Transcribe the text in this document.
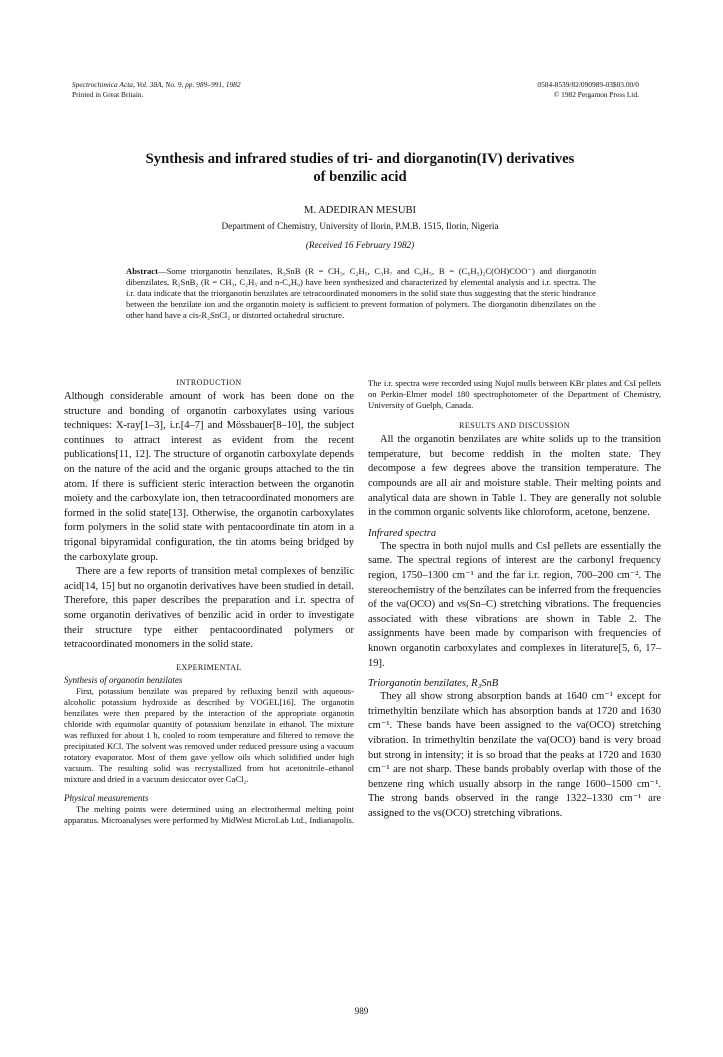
Spectrochimica Acta, Vol. 38A, No. 9, pp. 989–991, 1982
Printed in Great Britain.
0584-8539/82/090989-03$03.00/0
© 1982 Pergamon Press Ltd.
Synthesis and infrared studies of tri- and diorganotin(IV) derivatives
of benzilic acid
M. ADEDIRAN MESUBI
Department of Chemistry, University of Ilorin, P.M.B. 1515, Ilorin, Nigeria
(Received 16 February 1982)
Abstract—Some triorganotin benzilates, R₃SnB (R = CH₃, C₂H₅, C₃H₇ and C₆H₅, B = (C₆H₅)₂C(OH)COO⁻) and diorganotin dibenzilates, R₂SnB₂ (R = CH₃, C₂H₅ and n-C₄H₉) have been synthesized and characterized by elemental analysis and i.r. spectra. The i.r. data indicate that the triorganotin benzilates are tetracoordinated monomers in the solid state thus suggesting that the steric hindrance between the benzilate ion and the organotin moiety is sufficient to prevent formation of polymers. The diorganotin dibenzilates on the other hand have a cis-R₂SnCl₂ or distorted octahedral structure.
INTRODUCTION

Although considerable amount of work has been done on the structure and bonding of organotin carboxylates using various techniques: X-ray[1–3], i.r.[4–7] and Mössbauer[8–10], the subject continues to attract interest as evident from the recent publications[11, 12]. The structure of organotin carboxylate depends on the nature of the acid and the organic groups attached to the tin atom. If there is sufficient steric interaction between the organotin moiety and the carboxylate ion, then tetracoordinated monomers are formed in the solid state[13]. Otherwise, the organotin carboxylates form polymers in the solid state with pentacoordinate tin atom in a trigonal bipyramidal configuration, the tin atoms being bridged by the carboxylate group.

There are a few reports of transition metal complexes of benzilic acid[14, 15] but no organotin derivatives have been studied in detail. Therefore, this paper describes the preparation and i.r. spectra of some organotin derivatives of benzilic acid in order to investigate their structure type either pentacoordinated polymers or tetracoordinated monomers in the solid state.

EXPERIMENTAL
Synthesis of organotin benzilates

First, potassium benzilate was prepared by refluxing benzil with aqueous-alcoholic potassium hydroxide as described by VOGEL[16]. The organotin benzilates were then prepared by the interaction of the appropriate organotin chloride with equimolar quantity of potassium benzilate in ethanol. The mixture was refluxed for about 1 h, cooled to room temperature and filtered to remove the precipitated KCl. The solvent was removed under reduced pressure using a vacuum rotatory evaporator. Most of them gave yellow oils which solidified under high vacuum. The resulting solid was recrystallized from hot acetonitrile–ethanol mixture and dried in a vacuum desiccator over CaCl₂.

Physical measurements

The melting points were determined using an electrothermal melting point apparatus. Microanalyses were performed by MidWest MicroLab Ltd., Indianapolis.

The i.r. spectra were recorded using Nujol mulls between KBr plates and CsI pellets on Perkin-Elmer model 180 spectrophotometer of the Department of Chemistry, University of Guelph, Canada.

RESULTS AND DISCUSSION

All the organotin benzilates are white solids up to the transition temperature, but become reddish in the molten state. They decompose a few degrees above the transition temperature. The compounds are all air and moisture stable. Their melting points and analytical data are shown in Table 1. They are generally not soluble in the common organic solvents like chloroform, acetone, benzene.

Infrared spectra

The spectra in both nujol mulls and CsI pellets are essentially the same. The spectral regions of interest are the carbonyl frequency region, 1750–1300 cm⁻¹ and the far i.r. region, 700–200 cm⁻². The stereochemistry of the benzilates can be inferred from the frequencies of the νa(OCO) and νs(Sn–C) stretching vibrations. The frequencies associated with these vibrations are shown in Table 2. The assignments have been made by comparison with frequencies of known organotin carboxylates and complexes in literature[5, 6, 17–19].

Triorganotin benzilates, R₃SnB

They all show strong absorption bands at 1640 cm⁻¹ except for trimethyltin benzilate which has absorption bands at 1720 and 1630 cm⁻¹. These bands have been assigned to the νa(OCO) stretching vibration. In trimethyltin benzilate the νa(OCO) band is very broad but strong in intensity; it is so broad that the peaks at 1720 and 1630 cm⁻¹ are not sharp. These bands probably overlap with those of the benzene ring which usually absorp in the range 1600–1500 cm⁻¹. The strong bands observed in the range 1322–1330 cm⁻¹ are assigned to the νs(OCO) stretching vibrations.

989
